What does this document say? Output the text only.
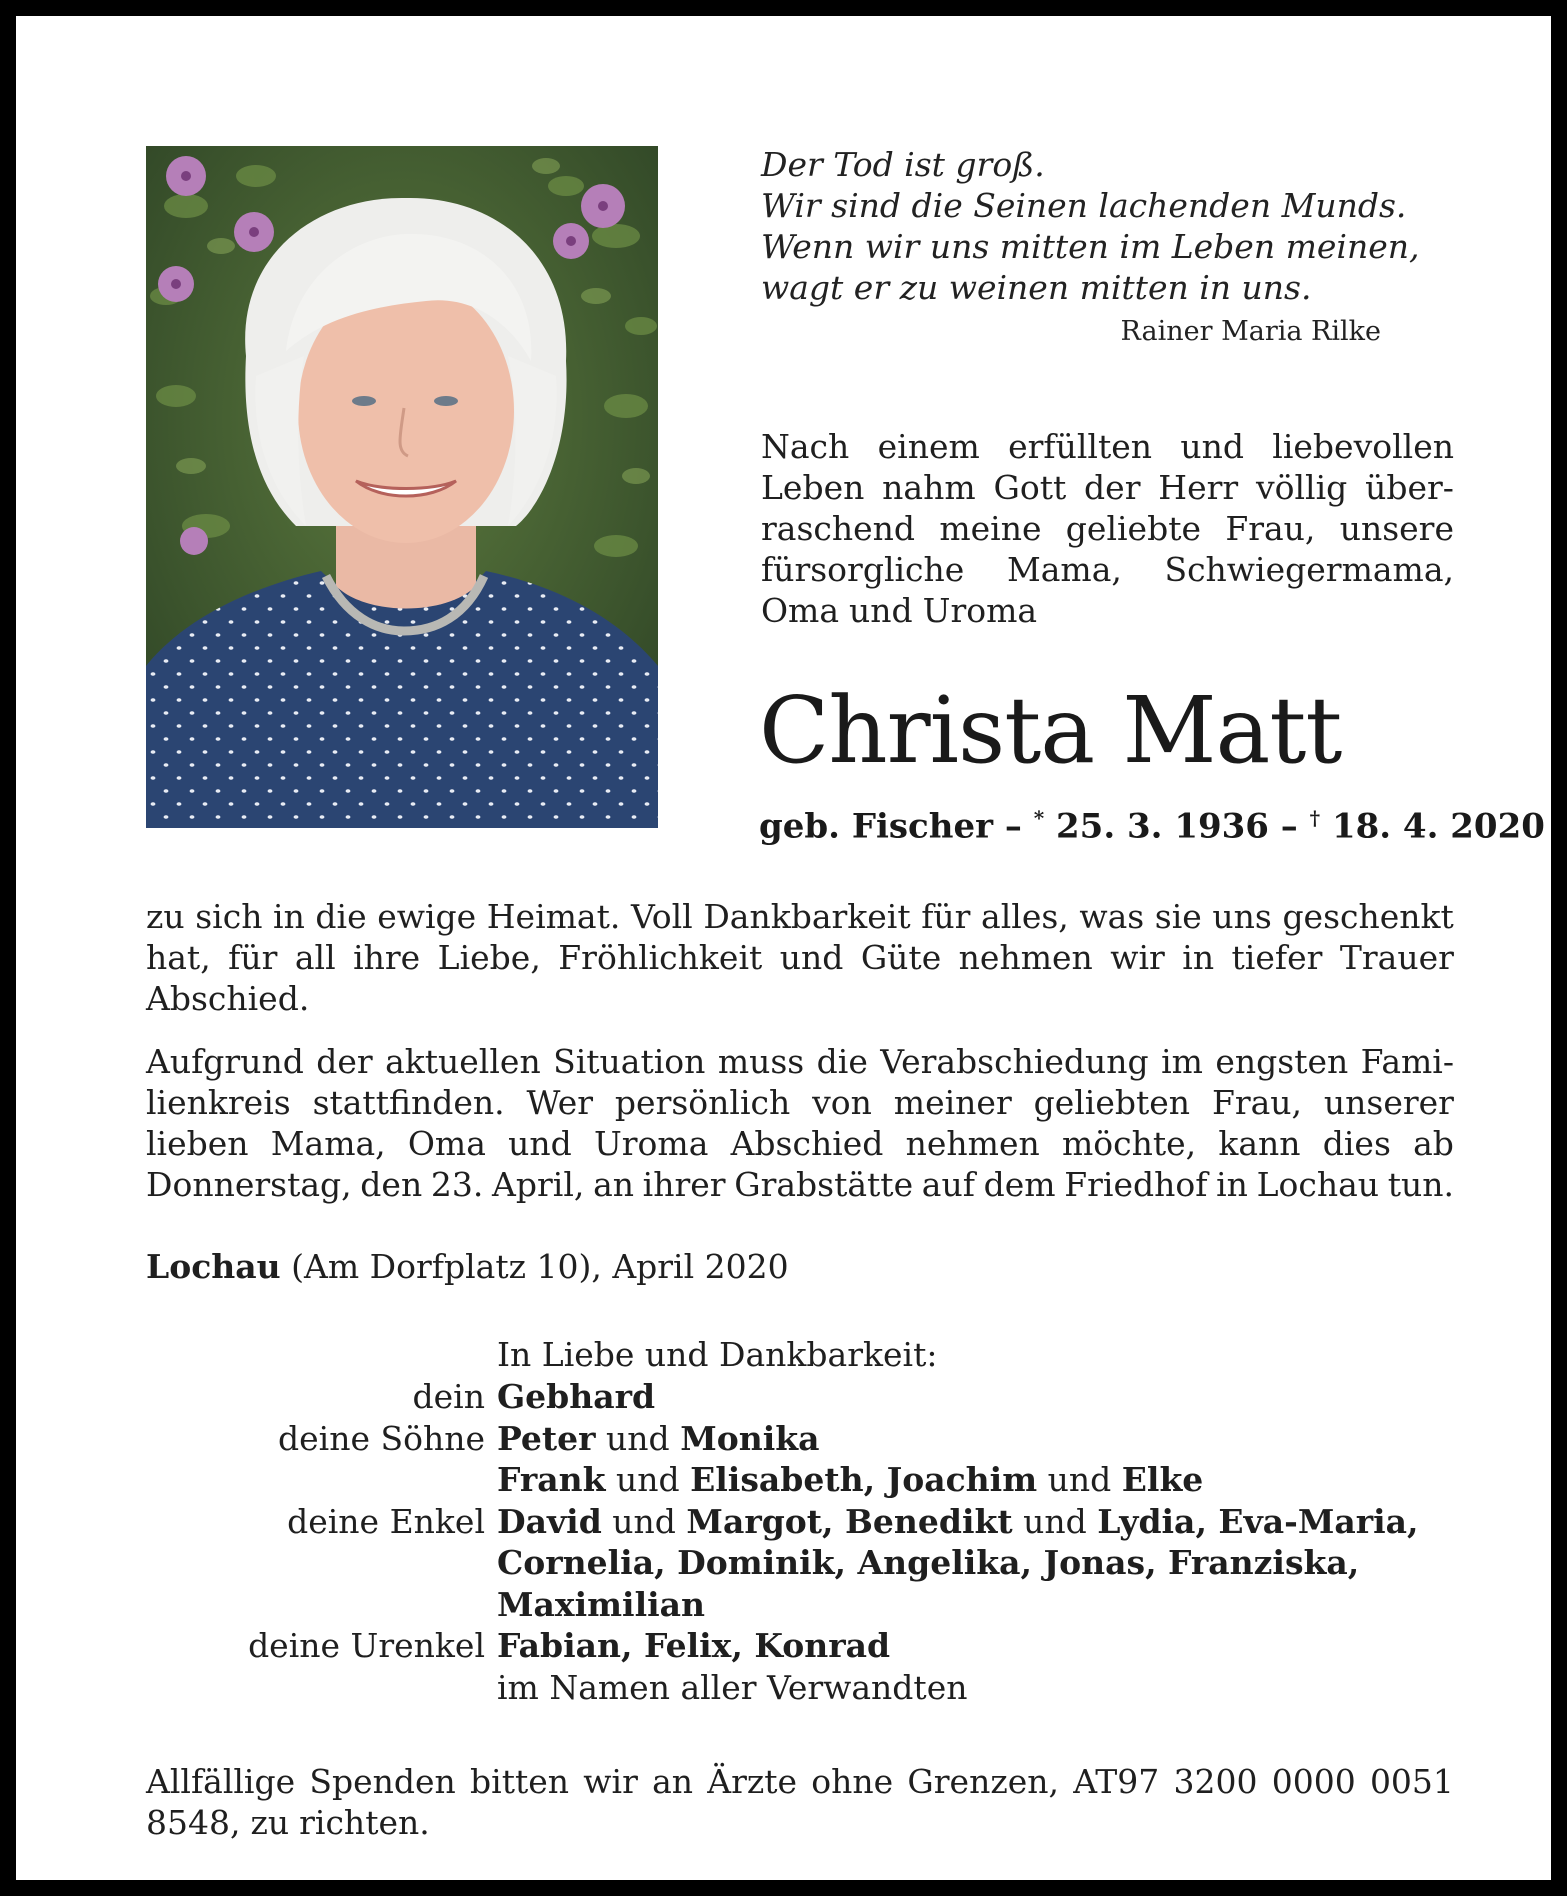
Der Tod ist groß.
Wir sind die Seinen lachenden Munds.
Wenn wir uns mitten im Leben meinen,
wagt er zu weinen mitten in uns.
Rainer Maria Rilke
Nach einem erfüllten und liebevollen
Leben nahm Gott der Herr völlig über-
raschend meine geliebte Frau, unsere
fürsorgliche Mama, Schwiegermama,
Oma und Uroma
Christa Matt
geb. Fischer – * 25. 3. 1936 – † 18. 4. 2020
zu sich in die ewige Heimat. Voll Dankbarkeit für alles, was sie uns geschenkt
hat, für all ihre Liebe, Fröhlichkeit und Güte nehmen wir in tiefer Trauer
Abschied.
Aufgrund der aktuellen Situation muss die Verabschiedung im engsten Fami-
lienkreis stattfinden. Wer persönlich von meiner geliebten Frau, unserer
lieben Mama, Oma und Uroma Abschied nehmen möchte, kann dies ab
Donnerstag, den 23. April, an ihrer Grabstätte auf dem Friedhof in Lochau tun.
Lochau (Am Dorfplatz 10), April 2020
In Liebe und Dankbarkeit:
dein Gebhard
deine Söhne Peter und Monika
Frank und Elisabeth, Joachim und Elke
deine Enkel David und Margot, Benedikt und Lydia, Eva-Maria,
Cornelia, Dominik, Angelika, Jonas, Franziska,
Maximilian
deine Urenkel Fabian, Felix, Konrad
im Namen aller Verwandten
Allfällige Spenden bitten wir an Ärzte ohne Grenzen, AT97 3200 0000 0051
8548, zu richten.
